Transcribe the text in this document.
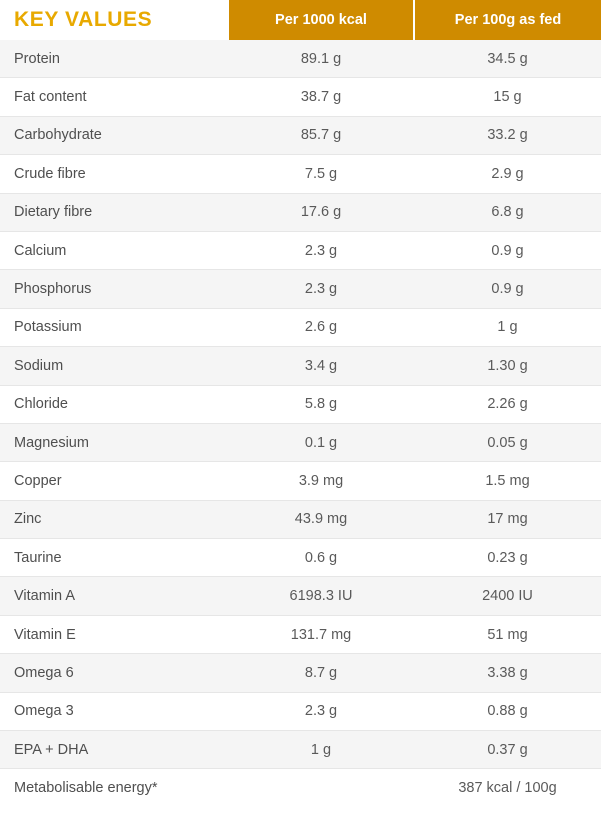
KEY VALUES	Per 1000 kcal	Per 100g as fed
Protein	89.1 g	34.5 g
Fat content	38.7 g	15 g
Carbohydrate	85.7 g	33.2 g
Crude fibre	7.5 g	2.9 g
Dietary fibre	17.6 g	6.8 g
Calcium	2.3 g	0.9 g
Phosphorus	2.3 g	0.9 g
Potassium	2.6 g	1 g
Sodium	3.4 g	1.30 g
Chloride	5.8 g	2.26 g
Magnesium	0.1 g	0.05 g
Copper	3.9 mg	1.5 mg
Zinc	43.9 mg	17 mg
Taurine	0.6 g	0.23 g
Vitamin A	6198.3 IU	2400 IU
Vitamin E	131.7 mg	51 mg
Omega 6	8.7 g	3.38 g
Omega 3	2.3 g	0.88 g
EPA + DHA	1 g	0.37 g
Metabolisable energy*		387 kcal / 100g
